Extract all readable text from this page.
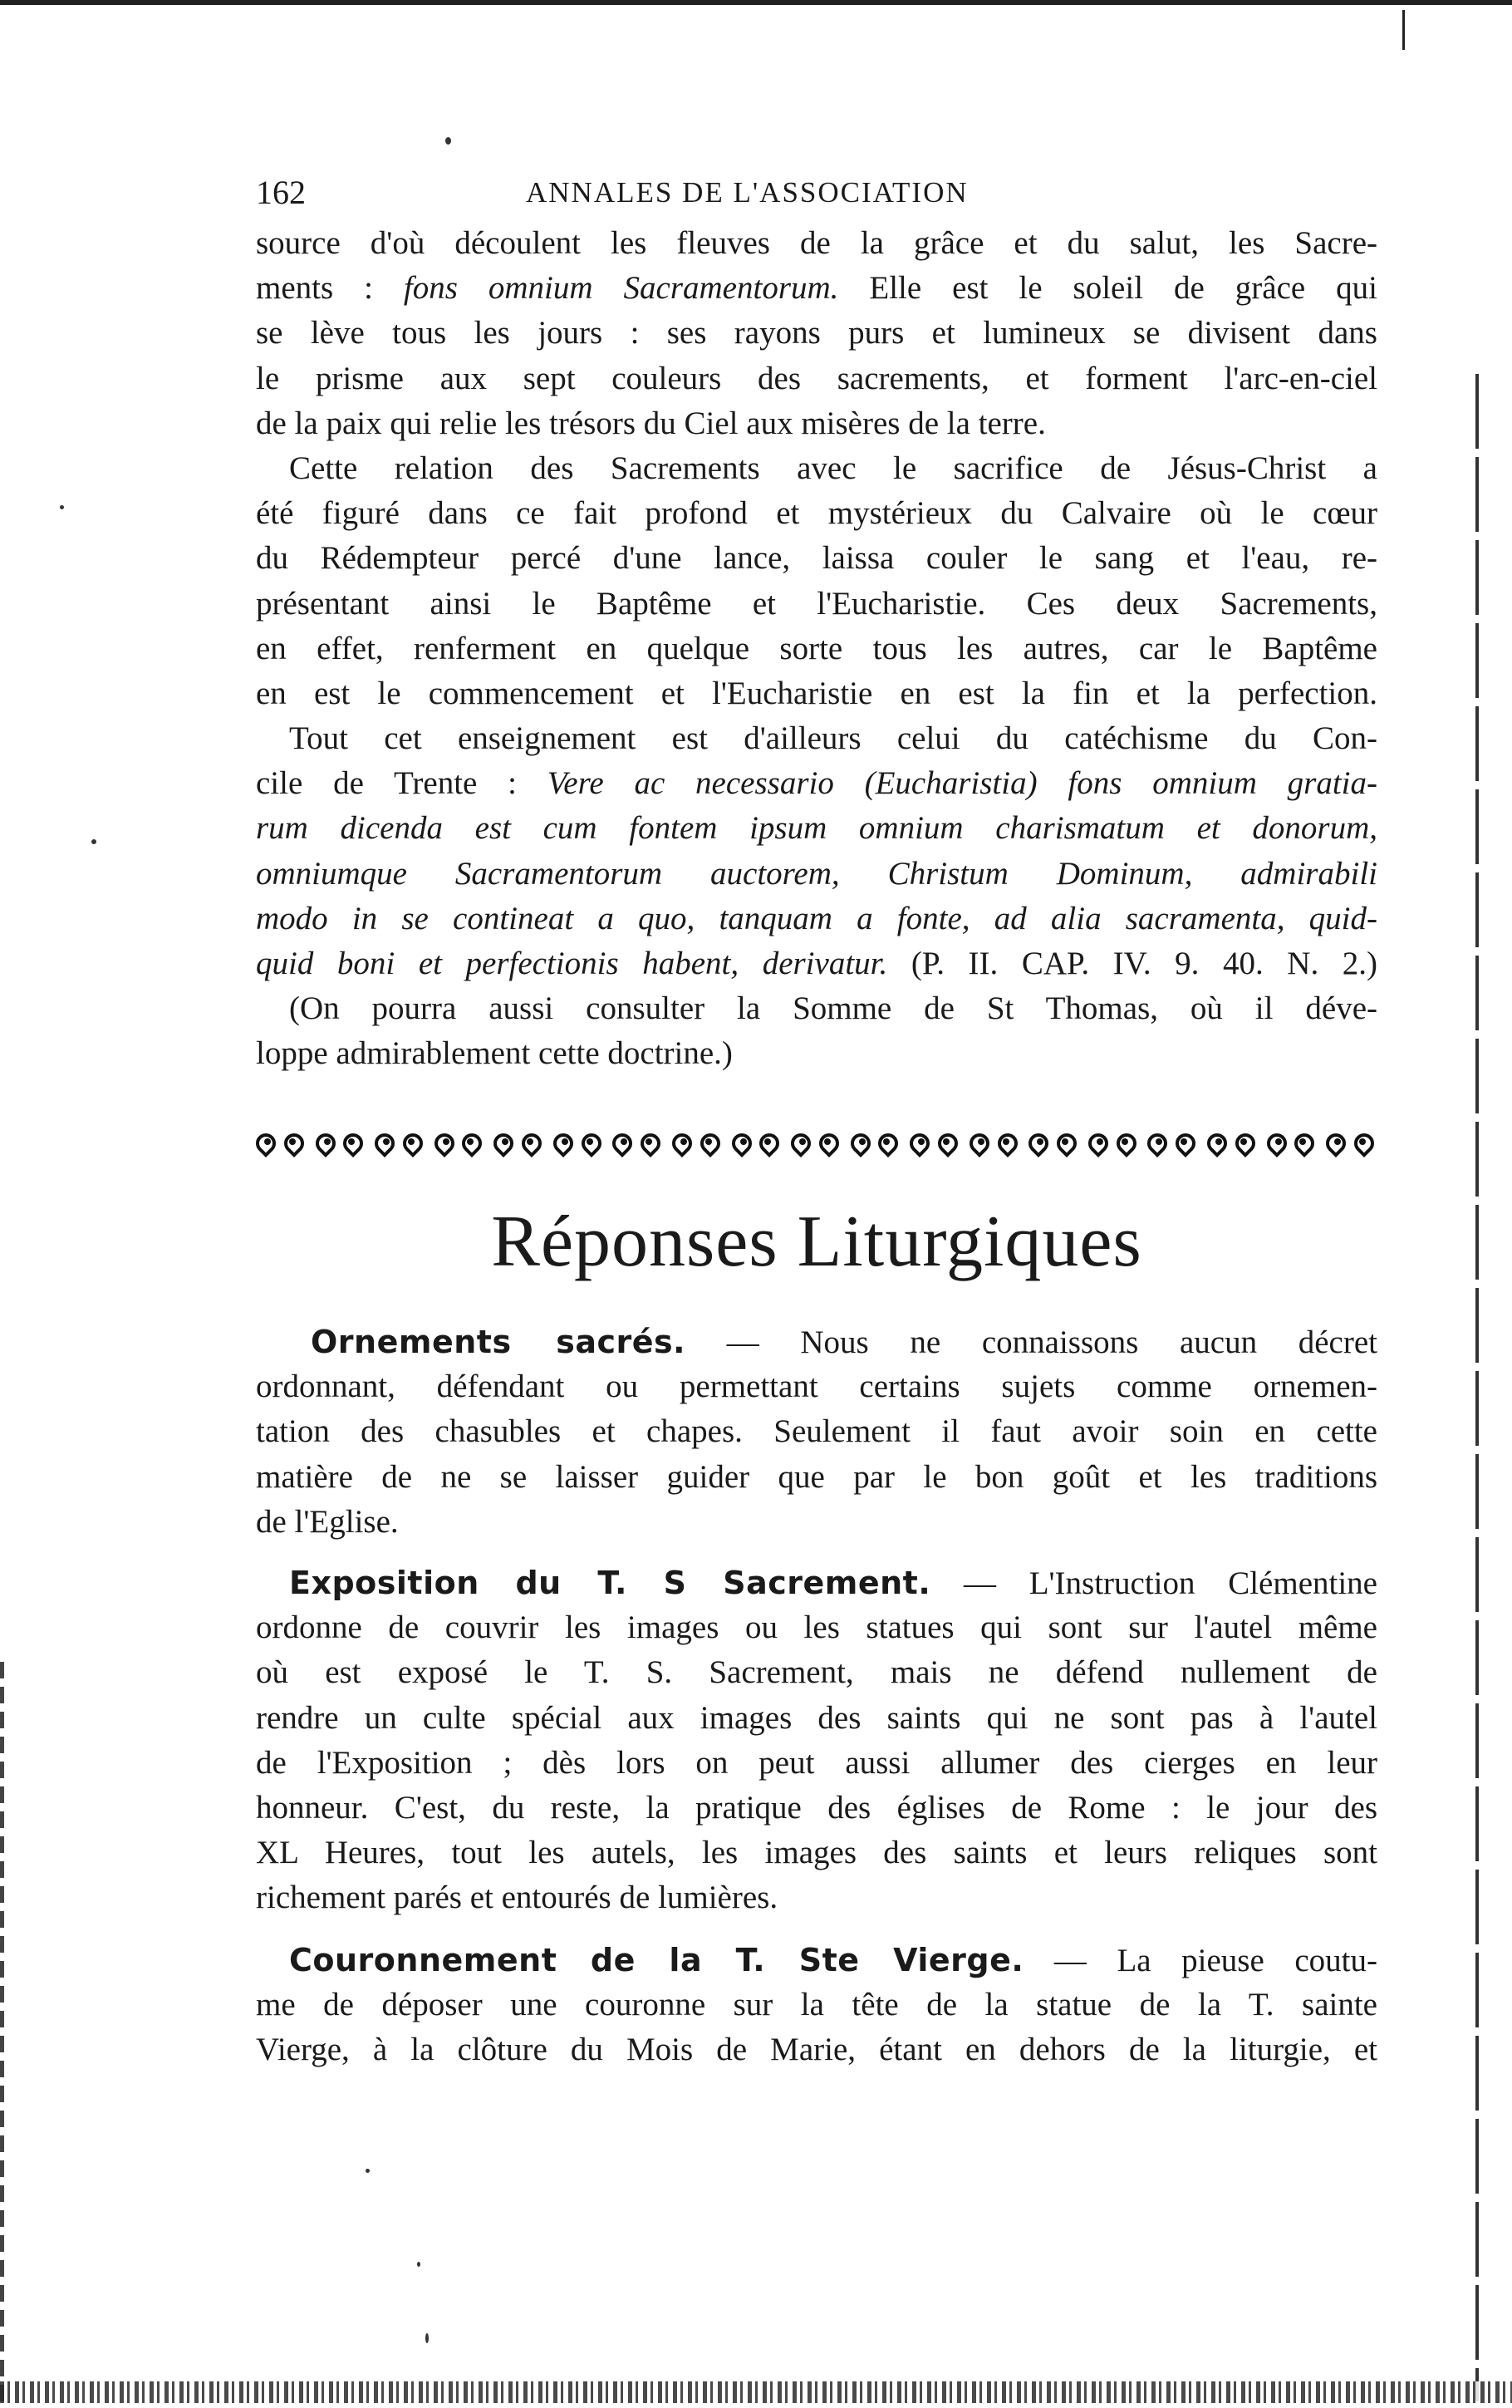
162	ANNALES DE L'ASSOCIATION
source d'où découlent les fleuves de la grâce et du salut, les Sacre-
ments : fons omnium Sacramentorum. Elle est le soleil de grâce qui
se lève tous les jours : ses rayons purs et lumineux se divisent dans
le prisme aux sept couleurs des sacrements, et forment l'arc-en-ciel
de la paix qui relie les trésors du Ciel aux misères de la terre.
Cette relation des Sacrements avec le sacrifice de Jésus-Christ a
été figuré dans ce fait profond et mystérieux du Calvaire où le cœur
du Rédempteur percé d'une lance, laissa couler le sang et l'eau, re-
présentant ainsi le Baptême et l'Eucharistie. Ces deux Sacrements,
en effet, renferment en quelque sorte tous les autres, car le Baptême
en est le commencement et l'Eucharistie en est la fin et la perfection.
Tout cet enseignement est d'ailleurs celui du catéchisme du Con-
cile de Trente : Vere ac necessario (Eucharistia) fons omnium gratia-
rum dicenda est cum fontem ipsum omnium charismatum et donorum,
omniumque Sacramentorum auctorem, Christum Dominum, admirabili
modo in se contineat a quo, tanquam a fonte, ad alia sacramenta, quid-
quid boni et perfectionis habent, derivatur. (P. II. CAP. IV. 9. 40. N. 2.)
(On pourra aussi consulter la Somme de St Thomas, où il déve-
loppe admirablement cette doctrine.)
Réponses Liturgiques
Ornements sacrés. — Nous ne connaissons aucun décret
ordonnant, défendant ou permettant certains sujets comme ornemen-
tation des chasubles et chapes. Seulement il faut avoir soin en cette
matière de ne se laisser guider que par le bon goût et les traditions
de l'Eglise.
Exposition du T. S Sacrement. — L'Instruction Clémentine
ordonne de couvrir les images ou les statues qui sont sur l'autel même
où est exposé le T. S. Sacrement, mais ne défend nullement de
rendre un culte spécial aux images des saints qui ne sont pas à l'autel
de l'Exposition ; dès lors on peut aussi allumer des cierges en leur
honneur. C'est, du reste, la pratique des églises de Rome : le jour des
XL Heures, tout les autels, les images des saints et leurs reliques sont
richement parés et entourés de lumières.
Couronnement de la T. Ste Vierge. — La pieuse coutu-
me de déposer une couronne sur la tête de la statue de la T. sainte
Vierge, à la clôture du Mois de Marie, étant en dehors de la liturgie, et
